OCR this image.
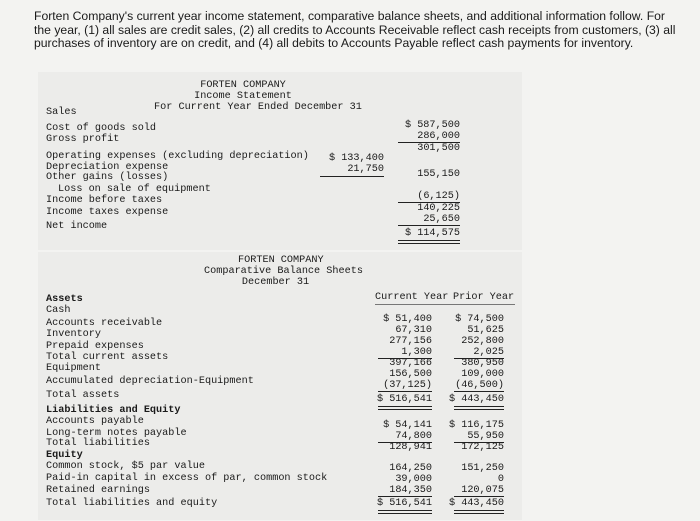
Forten Company's current year income statement, comparative balance sheets, and additional information follow. For the year, (1) all sales are credit sales, (2) all credits to Accounts Receivable reflect cash receipts from customers, (3) all purchases of inventory are on credit, and (4) all debits to Accounts Payable reflect cash payments for inventory.
FORTEN COMPANY
Income Statement
For Current Year Ended December 31
Sales
Cost of goods sold
Gross profit
Operating expenses (excluding depreciation)
Depreciation expense
Other gains (losses)
Loss on sale of equipment
Income before taxes
Income taxes expense
Net income
$ 133,400
21,750
$ 587,500
286,000
301,500
155,150
(6,125)
140,225
25,650
$ 114,575
FORTEN COMPANY
Comparative Balance Sheets
December 31
Current Year Prior Year
Assets
Cash
Accounts receivable
Inventory
Prepaid expenses
Total current assets
Equipment
Accumulated depreciation-Equipment
Total assets
Liabilities and Equity
Accounts payable
Long-term notes payable
Total liabilities
Equity
Common stock, $5 par value
Paid-in capital in excess of par, common stock
Retained earnings
Total liabilities and equity
$ 51,400
67,310
277,156
1,300
397,166
156,500
(37,125)
$ 516,541
$ 54,141
74,800
128,941
164,250
39,000
184,350
$ 516,541
$ 74,500
51,625
252,800
2,025
380,950
109,000
(46,500)
$ 443,450
$ 116,175
55,950
172,125
151,250
0
120,075
$ 443,450
